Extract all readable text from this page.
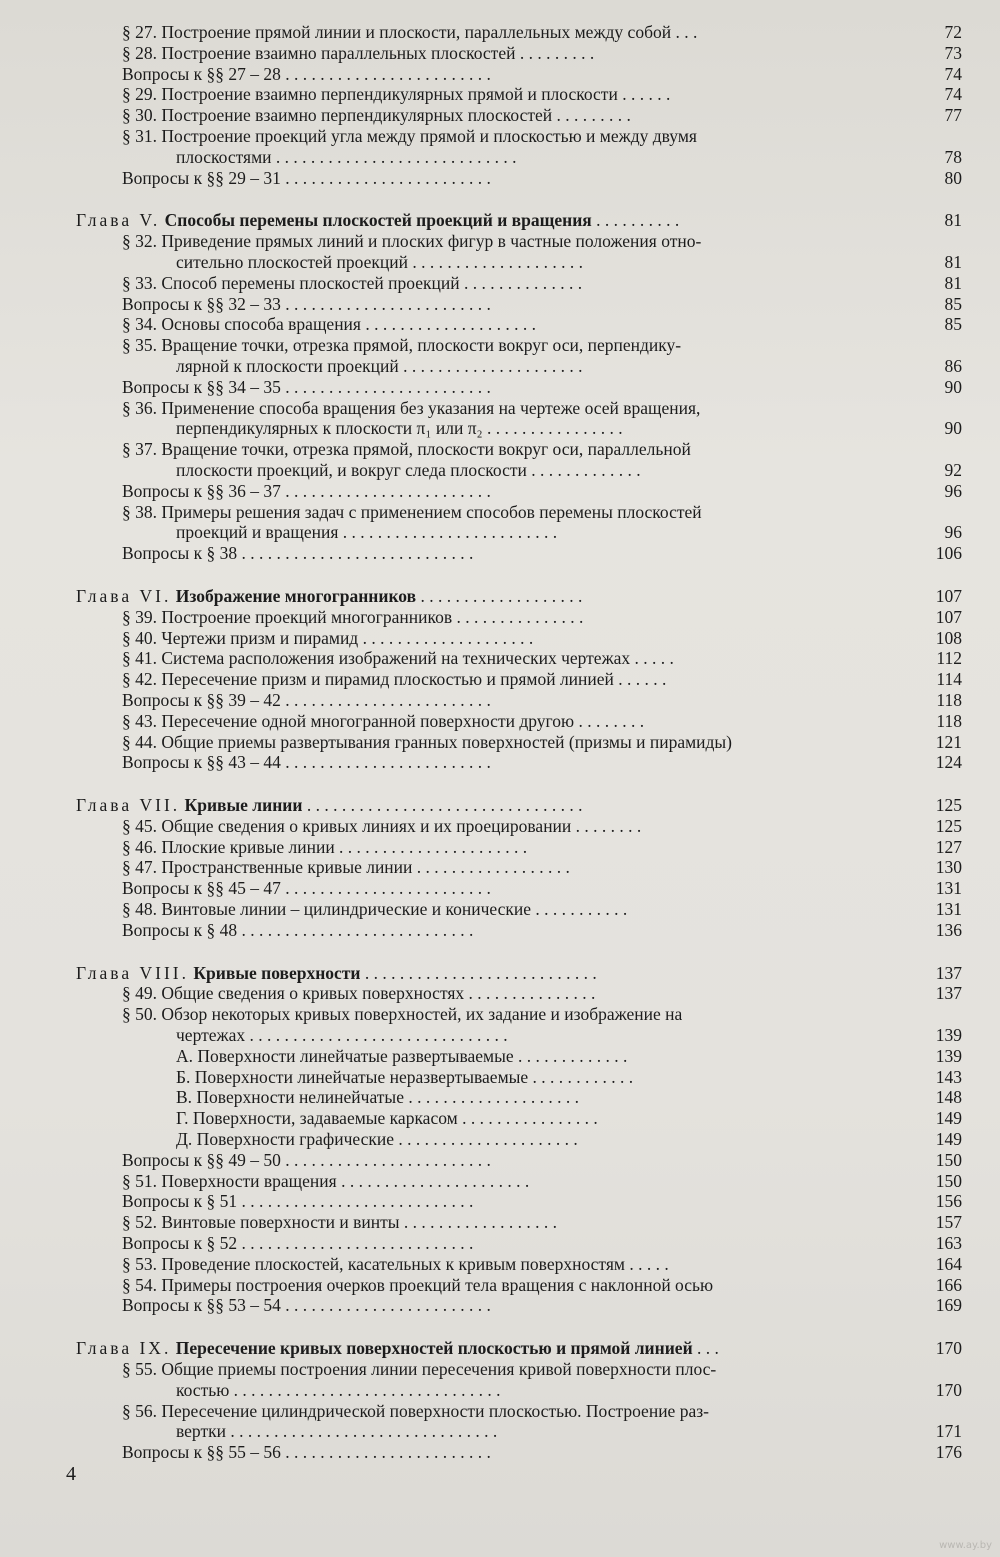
§ 27. Построение прямой линии и плоскости, параллельных между собой . . .	72
§ 28. Построение взаимно параллельных плоскостей . . . . . . . . .	73
Вопросы к §§ 27 – 28 . . . . . . . . . . . . . . . . . . . . . . . .	74
§ 29. Построение взаимно перпендикулярных прямой и плоскости . . . . . .	74
§ 30. Построение взаимно перпендикулярных плоскостей . . . . . . . . .	77
§ 31. Построение проекций угла между прямой и плоскостью и между двумя
плоскостями . . . . . . . . . . . . . . . . . . . . . . . . . . . .	78
Вопросы к §§ 29 – 31 . . . . . . . . . . . . . . . . . . . . . . . .	80
Глава V. Способы перемены плоскостей проекций и вращения . . . . . . . . . .	81
§ 32. Приведение прямых линий и плоских фигур в частные положения отно-
сительно плоскостей проекций . . . . . . . . . . . . . . . . . . . .	81
§ 33. Способ перемены плоскостей проекций . . . . . . . . . . . . . .	81
Вопросы к §§ 32 – 33 . . . . . . . . . . . . . . . . . . . . . . . .	85
§ 34. Основы способа вращения . . . . . . . . . . . . . . . . . . . .	85
§ 35. Вращение точки, отрезка прямой, плоскости вокруг оси, перпендику-
лярной к плоскости проекций . . . . . . . . . . . . . . . . . . . . .	86
Вопросы к §§ 34 – 35 . . . . . . . . . . . . . . . . . . . . . . . .	90
§ 36. Применение способа вращения без указания на чертеже осей вращения,
перпендикулярных к плоскости π₁ или π₂ . . . . . . . . . . . . . . . .	90
§ 37. Вращение точки, отрезка прямой, плоскости вокруг оси, параллельной
плоскости проекций, и вокруг следа плоскости . . . . . . . . . . . . .	92
Вопросы к §§ 36 – 37 . . . . . . . . . . . . . . . . . . . . . . . .	96
§ 38. Примеры решения задач с применением способов перемены плоскостей
проекций и вращения . . . . . . . . . . . . . . . . . . . . . . . . .	96
Вопросы к § 38 . . . . . . . . . . . . . . . . . . . . . . . . . . .	106
Глава VI. Изображение многогранников . . . . . . . . . . . . . . . . . . .	107
§ 39. Построение проекций многогранников . . . . . . . . . . . . . . .	107
§ 40. Чертежи призм и пирамид . . . . . . . . . . . . . . . . . . . .	108
§ 41. Система расположения изображений на технических чертежах . . . . .	112
§ 42. Пересечение призм и пирамид плоскостью и прямой линией . . . . . .	114
Вопросы к §§ 39 – 42 . . . . . . . . . . . . . . . . . . . . . . . .	118
§ 43. Пересечение одной многогранной поверхности другою . . . . . . . .	118
§ 44. Общие приемы развертывания гранных поверхностей (призмы и пирамиды)	121
Вопросы к §§ 43 – 44 . . . . . . . . . . . . . . . . . . . . . . . .	124
Глава VII. Кривые линии . . . . . . . . . . . . . . . . . . . . . . . . . . . . . . . .	125
§ 45. Общие сведения о кривых линиях и их проецировании . . . . . . . .	125
§ 46. Плоские кривые линии . . . . . . . . . . . . . . . . . . . . . .	127
§ 47. Пространственные кривые линии . . . . . . . . . . . . . . . . . .	130
Вопросы к §§ 45 – 47 . . . . . . . . . . . . . . . . . . . . . . . .	131
§ 48. Винтовые линии – цилиндрические и конические . . . . . . . . . . .	131
Вопросы к § 48 . . . . . . . . . . . . . . . . . . . . . . . . . . .	136
Глава VIII. Кривые поверхности . . . . . . . . . . . . . . . . . . . . . . . . . . .	137
§ 49. Общие сведения о кривых поверхностях . . . . . . . . . . . . . . .	137
§ 50. Обзор некоторых кривых поверхностей, их задание и изображение на
чертежах . . . . . . . . . . . . . . . . . . . . . . . . . . . . . .	139
А. Поверхности линейчатые развертываемые . . . . . . . . . . . . .	139
Б. Поверхности линейчатые неразвертываемые . . . . . . . . . . . .	143
В. Поверхности нелинейчатые . . . . . . . . . . . . . . . . . . . .	148
Г. Поверхности, задаваемые каркасом . . . . . . . . . . . . . . . .	149
Д. Поверхности графические . . . . . . . . . . . . . . . . . . . . .	149
Вопросы к §§ 49 – 50 . . . . . . . . . . . . . . . . . . . . . . . .	150
§ 51. Поверхности вращения . . . . . . . . . . . . . . . . . . . . . .	150
Вопросы к § 51 . . . . . . . . . . . . . . . . . . . . . . . . . . .	156
§ 52. Винтовые поверхности и винты . . . . . . . . . . . . . . . . . .	157
Вопросы к § 52 . . . . . . . . . . . . . . . . . . . . . . . . . . .	163
§ 53. Проведение плоскостей, касательных к кривым поверхностям . . . . .	164
§ 54. Примеры построения очерков проекций тела вращения с наклонной осью	166
Вопросы к §§ 53 – 54 . . . . . . . . . . . . . . . . . . . . . . . .	169
Глава IX. Пересечение кривых поверхностей плоскостью и прямой линией . . .	170
§ 55. Общие приемы построения линии пересечения кривой поверхности плос-
костью . . . . . . . . . . . . . . . . . . . . . . . . . . . . . . .	170
§ 56. Пересечение цилиндрической поверхности плоскостью. Построение раз-
вертки . . . . . . . . . . . . . . . . . . . . . . . . . . . . . . .	171
Вопросы к §§ 55 – 56 . . . . . . . . . . . . . . . . . . . . . . . .	176
4
www.ay.by
